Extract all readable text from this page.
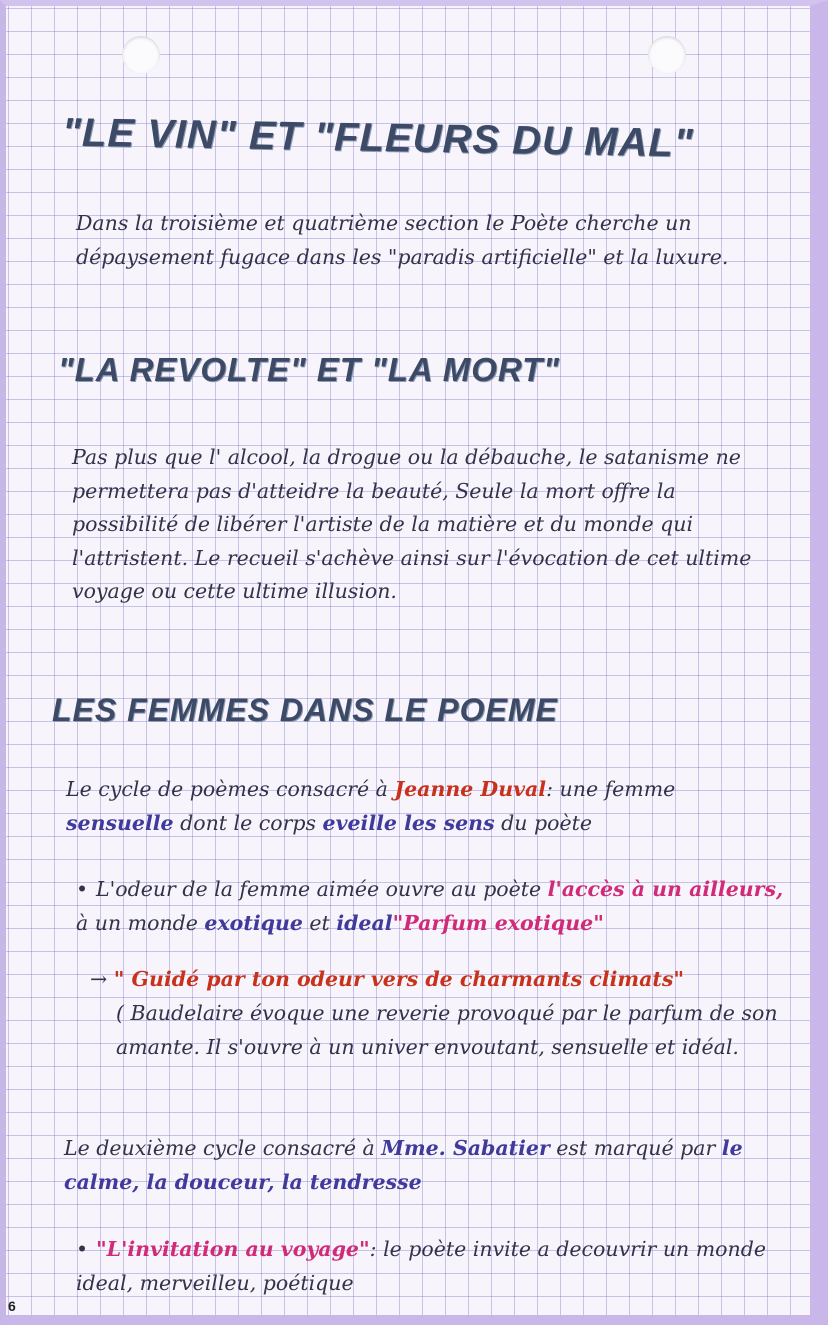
"LE VIN" ET "FLEURS DU MAL"
Dans la troisième et quatrième section le Poète cherche un dépaysement fugace dans les "paradis artificielle" et la luxure.
"LA REVOLTE" ET "LA MORT"
Pas plus que l' alcool, la drogue ou la débauche, le satanisme ne permettera pas d'atteidre la beauté, Seule la mort offre la possibilité de libérer l'artiste de la matière et du monde qui l'attristent. Le recueil s'achève ainsi sur l'évocation de cet ultime voyage ou cette ultime illusion.
LES FEMMES DANS LE POEME
Le cycle de poèmes consacré à Jeanne Duval: une femme sensuelle dont le corps eveille les sens du poète
• L'odeur de la femme aimée ouvre au poète l'accès à un ailleurs, à un monde exotique et ideal"Parfum exotique"
→ " Guidé par ton odeur vers de charmants climats"
( Baudelaire évoque une reverie provoqué par le parfum de son amante. Il s'ouvre à un univer envoutant, sensuelle et idéal.
Le deuxième cycle consacré à Mme. Sabatier est marqué par le calme, la douceur, la tendresse
• "L'invitation au voyage": le poète invite a decouvrir un monde ideal, merveilleu, poétique
6
